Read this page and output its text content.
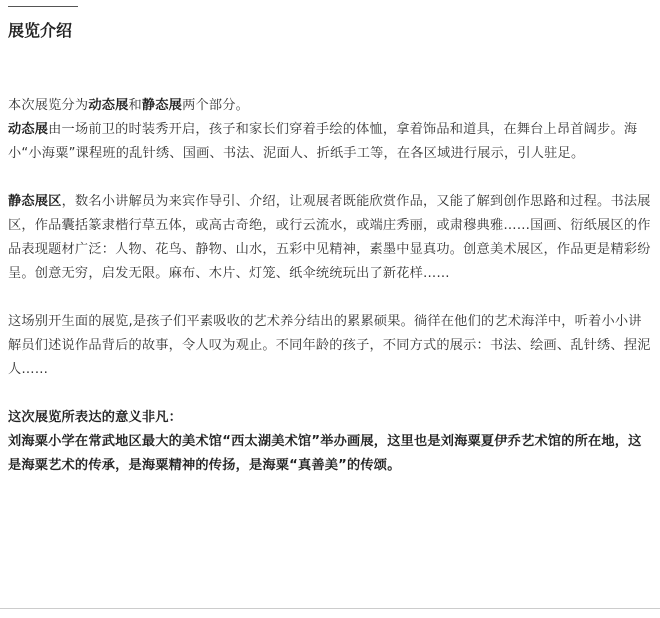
展览介绍

本次展览分为动态展和静态展两个部分。
动态展由一场前卫的时装秀开启，孩子和家长们穿着手绘的体恤，拿着饰品和道具，在舞台上昂首阔步。海小“小海粟”课程班的乱针绣、国画、书法、泥面人、折纸手工等，在各区域进行展示，引人驻足。

静态展区，数名小讲解员为来宾作导引、介绍，让观展者既能欣赏作品，又能了解到创作思路和过程。书法展区，作品囊括篆隶楷行草五体，或高古奇绝，或行云流水，或端庄秀丽，或肃穆典雅……国画、衍纸展区的作品表现题材广泛：人物、花鸟、静物、山水，五彩中见精神，素墨中显真功。创意美术展区，作品更是精彩纷呈。创意无穷，启发无限。麻布、木片、灯笼、纸伞统统玩出了新花样……

这场别开生面的展览,是孩子们平素吸收的艺术养分结出的累累硕果。徜徉在他们的艺术海洋中，听着小小讲解员们述说作品背后的故事，令人叹为观止。不同年龄的孩子，不同方式的展示：书法、绘画、乱针绣、捏泥人……

这次展览所表达的意义非凡：
刘海粟小学在常武地区最大的美术馆“西太湖美术馆”举办画展，这里也是刘海粟夏伊乔艺术馆的所在地，这是海粟艺术的传承，是海粟精神的传扬，是海粟“真善美”的传颂。
